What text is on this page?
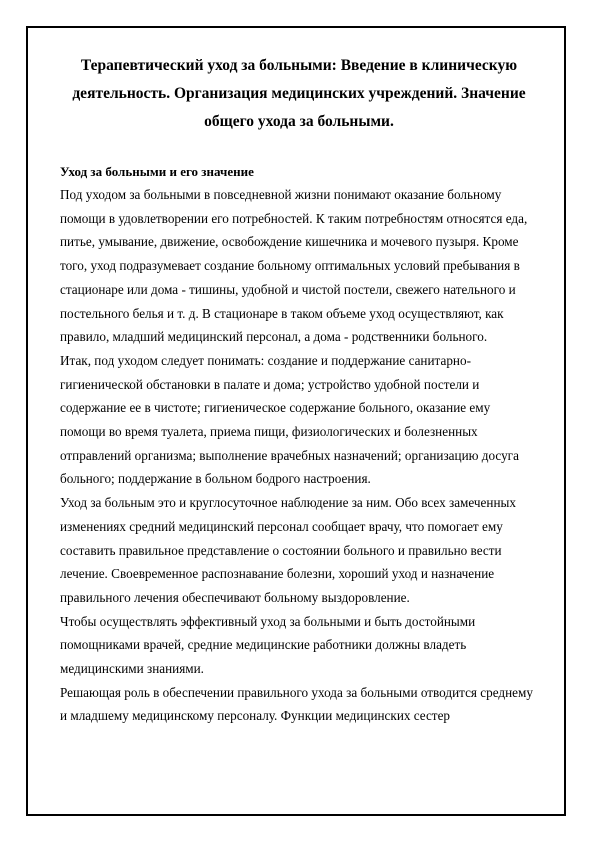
Терапевтический уход за больными: Введение в клиническую деятельность. Организация медицинских учреждений. Значение общего ухода за больными.
Уход за больными и его значение

Под уходом за больными в повседневной жизни понимают оказание больному помощи в удовлетворении его потребностей. К таким потребностям относятся еда, питье, умывание, движение, освобождение кишечника и мочевого пузыря. Кроме того, уход подразумевает создание больному оптимальных условий пребывания в стационаре или дома - тишины, удобной и чистой постели, свежего нательного и постельного белья и т. д. В стационаре в таком объеме уход осуществляют, как правило, младший медицинский персонал, а дома - родственники больного.

Итак, под уходом следует понимать: создание и поддержание санитарно-гигиенической обстановки в палате и дома; устройство удобной постели и содержание ее в чистоте; гигиеническое содержание больного, оказание ему помощи во время туалета, приема пищи, физиологических и болезненных отправлений организма; выполнение врачебных назначений; организацию досуга больного; поддержание в больном бодрого настроения.

Уход за больным это и круглосуточное наблюдение за ним. Обо всех замеченных изменениях средний медицинский персонал сообщает врачу, что помогает ему составить правильное представление о состоянии больного и правильно вести лечение. Своевременное распознавание болезни, хороший уход и назначение правильного лечения обеспечивают больному выздоровление.

Чтобы осуществлять эффективный уход за больными и быть достойными помощниками врачей, средние медицинские работники должны владеть медицинскими знаниями.

Решающая роль в обеспечении правильного ухода за больными отводится среднему и младшему медицинскому персоналу. Функции медицинских сестер
